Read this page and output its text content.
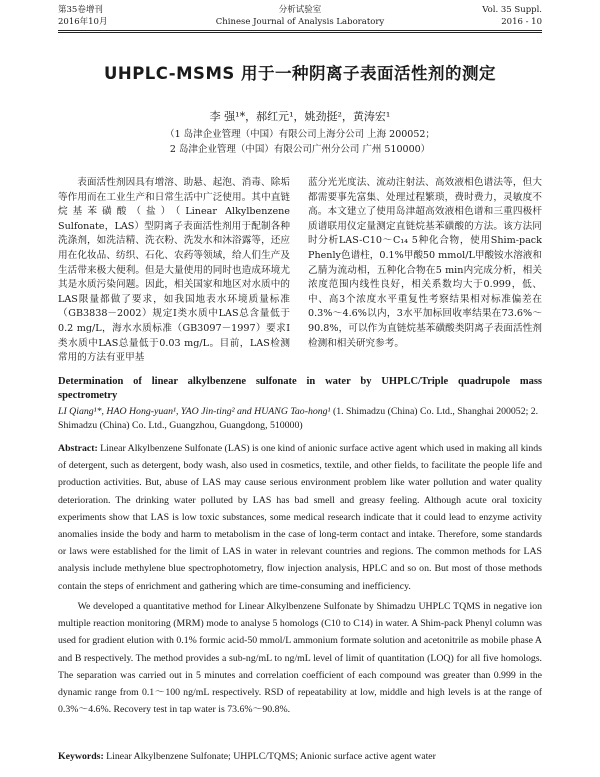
第35卷增刊
2016年10月
分析试验室
Chinese Journal of Analysis Laboratory
Vol. 35 Suppl.
2016 - 10
UHPLC-MSMS 用于一种阴离子表面活性剂的测定
李 强¹*，郝红元¹，姚劲挺²，黄涛宏¹
（1 岛津企业管理（中国）有限公司上海分公司 上海 200052；
2 岛津企业管理（中国）有限公司广州分公司 广州 510000）

表面活性剂因具有增溶、助悬、起泡、消毒、除垢等作用而在工业生产和日常生活中广泛使用。其中直链烷基苯磺酸（盐）（Linear Alkylbenzene Sulfonate，LAS）型阴离子表面活性剂用于配制各种洗涤剂，如洗洁精、洗衣粉、洗发水和沐浴露等，还应用在化妆品、纺织、石化、农药等领域，给人们生产及生活带来极大便利。但是大量使用的同时也造成环境尤其是水质污染问题。因此，相关国家和地区对水质中的LAS限量都做了要求，如我国地表水环境质量标准（GB3838－2002）规定Ⅰ类水质中LAS总含量低于0.2 mg/L，海水水质标准（GB3097－1997）要求Ⅰ类水质中LAS总量低于0.03 mg/L。目前，LAS检测常用的方法有亚甲基

蓝分光光度法、流动注射法、高效液相色谱法等，但大都需要事先富集、处理过程繁琐，费时费力，灵敏度不高。本文建立了使用岛津超高效液相色谱和三重四极杆质谱联用仪定量测定直链烷基苯磺酸的方法。该方法同时分析LAS-C10～C₁₄ 5种化合物，使用Shim-pack Phenly色谱柱，0.1%甲酸50 mmol/L甲酸铵水溶液和乙腈为流动相，五种化合物在5 min内完成分析，相关浓度范围内线性良好，相关系数均大于0.999，低、中、高3个浓度水平重复性考察结果相对标准偏差在0.3%～4.6%以内，3水平加标回收率结果在73.6%～90.8%，可以作为直链烷基苯磺酸类阴离子表面活性剂检测和相关研究参考。

Determination of linear alkylbenzene sulfonate in water by UHPLC/Triple quadrupole mass spectrometry
LI Qiang¹*, HAO Hong-yuan¹, YAO Jin-ting² and HUANG Tao-hong¹ (1. Shimadzu (China) Co. Ltd., Shanghai 200052; 2. Shimadzu (China) Co. Ltd., Guangzhou, Guangdong, 510000)

Abstract: Linear Alkylbenzene Sulfonate (LAS) is one kind of anionic surface active agent which used in making all kinds of detergent, such as detergent, body wash, also used in cosmetics, textile, and other fields, to facilitate the people life and production activities. But, abuse of LAS may cause serious environment problem like water pollution and water quality deterioration. The drinking water polluted by LAS has bad smell and greasy feeling. Although acute oral toxicity experiments show that LAS is low toxic substances, some medical research indicate that it could lead to enzyme activity anomalies inside the body and harm to metabolism in the case of long-term contact and intake. Therefore, some standards or laws were established for the limit of LAS in water in relevant countries and regions. The common methods for LAS analysis include methylene blue spectrophotometry, flow injection analysis, HPLC and so on. But most of those methods contain the steps of enrichment and gathering which are time-consuming and inefficiency.

We developed a quantitative method for Linear Alkylbenzene Sulfonate by Shimadzu UHPLC TQMS in negative ion multiple reaction monitoring (MRM) mode to analyse 5 homologs (C10 to C14) in water. A Shim-pack Phenyl column was used for gradient elution with 0.1% formic acid-50 mmol/L ammonium formate solution and acetonitrile as mobile phase A and B respectively. The method provides a sub-ng/mL to ng/mL level of limit of quantitation (LOQ) for all five homologs. The separation was carried out in 5 minutes and correlation coefficient of each compound was greater than 0.999 in the dynamic range from 0.1～100 ng/mL respectively. RSD of repeatability at low, middle and high levels is at the range of 0.3%～4.6%. Recovery test in tap water is 73.6%～90.8%.

Keywords: Linear Alkylbenzene Sulfonate; UHPLC/TQMS; Anionic surface active agent water
